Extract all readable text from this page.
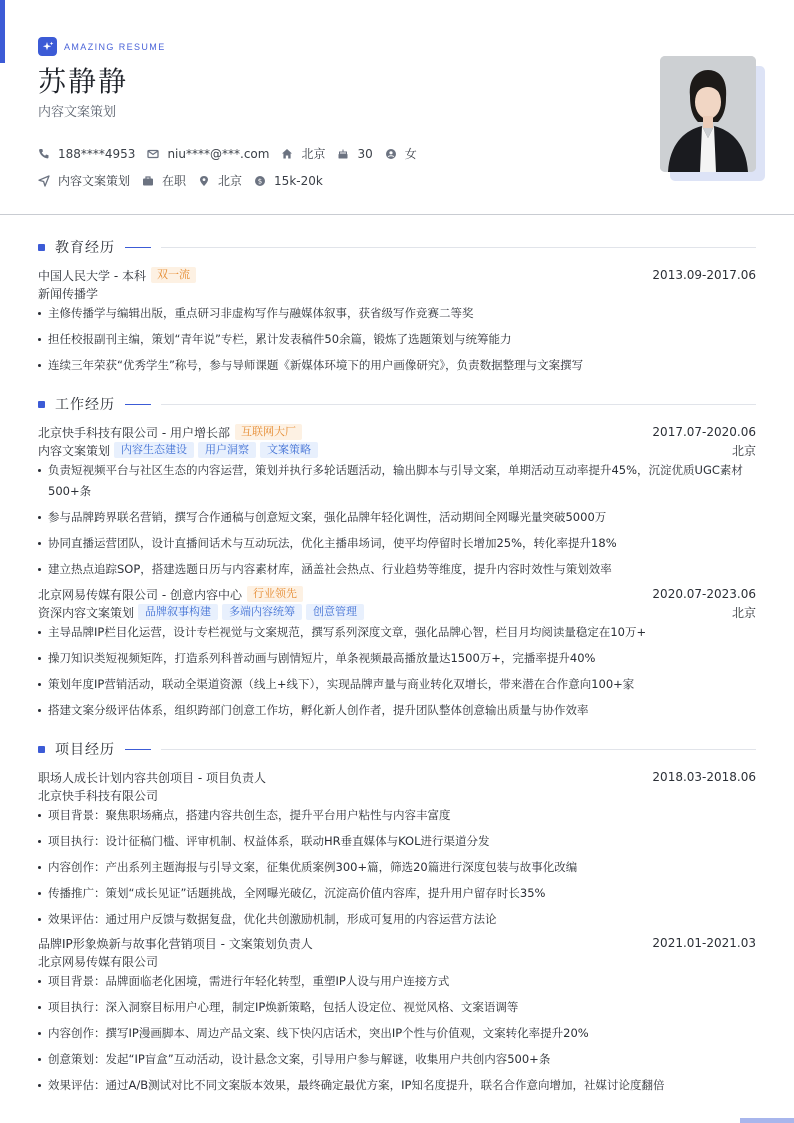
AMAZING RESUME
苏静静
内容文案策划
188****4953	niu****@***.com	北京	30	女
内容文案策划	在职	北京 $ 15k-20k
教育经历
中国人民大学 - 本科	双一流	2013.09-2017.06
新闻传播学
主修传播学与编辑出版，重点研习非虚构写作与融媒体叙事，获省级写作竞赛二等奖
担任校报副刊主编，策划“青年说”专栏，累计发表稿件50余篇，锻炼了选题策划与统筹能力
连续三年荣获“优秀学生”称号，参与导师课题《新媒体环境下的用户画像研究》，负责数据整理与文案撰写
工作经历
北京快手科技有限公司 - 用户增长部	互联网大厂	2017.07-2020.06
内容文案策划	内容生态建设	用户洞察	文案策略	北京
负责短视频平台与社区生态的内容运营，策划并执行多轮话题活动，输出脚本与引导文案，单期活动互动率提升45%，沉淀优质UGC素材500+条
参与品牌跨界联名营销，撰写合作通稿与创意短文案，强化品牌年轻化调性，活动期间全网曝光量突破5000万
协同直播运营团队，设计直播间话术与互动玩法，优化主播串场词，使平均停留时长增加25%，转化率提升18%
建立热点追踪SOP，搭建选题日历与内容素材库，涵盖社会热点、行业趋势等维度，提升内容时效性与策划效率
北京网易传媒有限公司 - 创意内容中心	行业领先	2020.07-2023.06
资深内容文案策划	品牌叙事构建	多端内容统筹	创意管理	北京
主导品牌IP栏目化运营，设计专栏视觉与文案规范，撰写系列深度文章，强化品牌心智，栏目月均阅读量稳定在10万+
操刀知识类短视频矩阵，打造系列科普动画与剧情短片，单条视频最高播放量达1500万+，完播率提升40%
策划年度IP营销活动，联动全渠道资源（线上+线下），实现品牌声量与商业转化双增长，带来潜在合作意向100+家
搭建文案分级评估体系，组织跨部门创意工作坊，孵化新人创作者，提升团队整体创意输出质量与协作效率
项目经历
职场人成长计划内容共创项目 - 项目负责人	2018.03-2018.06
北京快手科技有限公司
项目背景：聚焦职场痛点，搭建内容共创生态，提升平台用户粘性与内容丰富度
项目执行：设计征稿门槛、评审机制、权益体系，联动HR垂直媒体与KOL进行渠道分发
内容创作：产出系列主题海报与引导文案，征集优质案例300+篇，筛选20篇进行深度包装与故事化改编
传播推广：策划“成长见证”话题挑战，全网曝光破亿，沉淀高价值内容库，提升用户留存时长35%
效果评估：通过用户反馈与数据复盘，优化共创激励机制，形成可复用的内容运营方法论
品牌IP形象焕新与故事化营销项目 - 文案策划负责人	2021.01-2021.03
北京网易传媒有限公司
项目背景：品牌面临老化困境，需进行年轻化转型，重塑IP人设与用户连接方式
项目执行：深入洞察目标用户心理，制定IP焕新策略，包括人设定位、视觉风格、文案语调等
内容创作：撰写IP漫画脚本、周边产品文案、线下快闪店话术，突出IP个性与价值观，文案转化率提升20%
创意策划：发起“IP盲盒”互动活动，设计悬念文案，引导用户参与解谜，收集用户共创内容500+条
效果评估：通过A/B测试对比不同文案版本效果，最终确定最优方案，IP知名度提升，联名合作意向增加，社媒讨论度翻倍
